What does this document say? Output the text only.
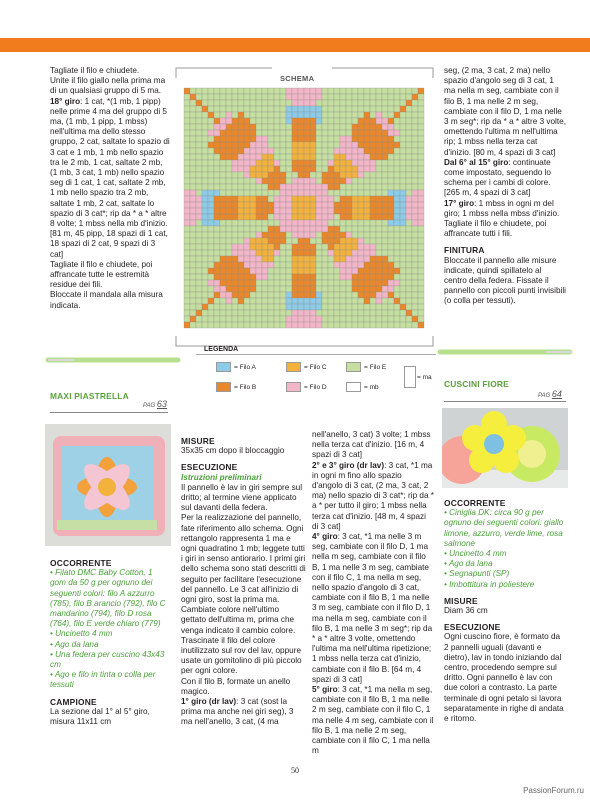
Tagliate il filo e chiudete.

Unite il filo giallo nella prima ma di un qualsiasi gruppo di 5 ma.

18° giro: 1 cat, *(1 mb, 1 pipp) nelle prime 4 ma del gruppo di 5 ma, (1 mb, 1 pipp, 1 mbss) nell'ultima ma dello stesso gruppo, 2 cat, saltate lo spazio di 3 cat e 1 mb, 1 mb nello spazio tra le 2 mb, 1 cat, saltate 2 mb, (1 mb, 3 cat, 1 mb) nello spazio seg di 1 cat, 1 cat, saltate 2 mb, 1 mb nello spazio tra 2 mb, saltate 1 mb, 2 cat, saltate lo spazio di 3 cat*; rip da * a * altre 8 volte; 1 mbss nella mb d'inizio. [81 m, 45 pipp, 18 spazi di 1 cat, 18 spazi di 2 cat, 9 spazi di 3 cat]

Tagliate il filo e chiudete, poi affrancate tutte le estremità residue dei fili.

Bloccate il mandala alla misura indicata.

SCHEMA
LEGENDA
= Filo A	= Filo C	= Filo E
= Filo B	= Filo D	= mb
= ma
MAXI PIASTRELLA
PAG 63

OCCORRENTE

• Filato DMC Baby Cotton, 1 gom da 50 g per ognuno dei seguenti colori: filo A azzurro (785), filo B arancio (792), filo C mandarino (794), filo D rosa (764), filo E verde chiaro (779)

• Uncinetto 4 mm

• Ago da lana

• Una federa per cuscino 43x43 cm

• Ago e filo in tinta o colla per tessuti

CAMPIONE

La sezione dal 1° al 5° giro, misura 11x11 cm

MISURE

35x35 cm dopo il bloccaggio

ESECUZIONE

Istruzioni preliminari

Il pannello è lav in giri sempre sul dritto; al termine viene applicato sul davanti della federa.

Per la realizzazione del pannello, fate riferimento allo schema. Ogni rettangolo rappresenta 1 ma e ogni quadratino 1 mb; leggete tutti i giri in senso antiorario. I primi giri dello schema sono stati descritti di seguito per facilitare l'esecuzione del pannello. Le 3 cat all'inizio di ogni giro, sost la prima ma. Cambiate colore nell'ultimo gettato dell'ultima m, prima che venga indicato il cambio colore. Trascinate il filo del colore inutilizzato sul rov del lav, oppure usate un gomitolino di più piccolo per ogni colore.

Con il filo B, formate un anello magico.

1° giro (dr lav): 3 cat (sost la prima ma anche nei giri seg), 3 ma nell'anello, 3 cat, (4 ma

nell'anello, 3 cat) 3 volte; 1 mbss nella terza cat d'inizio. [16 m, 4 spazi di 3 cat]

2° e 3° giro (dr lav): 3 cat, *1 ma in ogni m fino allo spazio d'angolo di 3 cat, (2 ma, 3 cat, 2 ma) nello spazio di 3 cat*; rip da * a * per tutto il giro; 1 mbss nella terza cat d'inizio. [48 m, 4 spazi di 3 cat]

4° giro: 3 cat, *1 ma nelle 3 m seg, cambiate con il filo D, 1 ma nella m seg, cambiate con il filo B, 1 ma nelle 3 m seg, cambiate con il filo C, 1 ma nella m seg, nello spazio d'angolo di 3 cat, cambiate con il filo B, 1 ma nelle 3 m seg, cambiate con il filo D, 1 ma nella m seg, cambiate con il filo B, 1 ma nelle 3 m seg*; rip da * a * altre 3 volte, omettendo l'ultima ma nell'ultima ripetizione; 1 mbss nella terza cat d'inizio, cambiate con il filo B. [64 m, 4 spazi di 3 cat]

5° giro: 3 cat, *1 ma nella m seg, cambiate con il filo B, 1 ma nelle 2 m seg, cambiate con il filo C, 1 ma nelle 4 m seg, cambiate con il filo B, 1 ma nelle 2 m seg, cambiate con il filo C, 1 ma nella m

seg, (2 ma, 3 cat, 2 ma) nello spazio d'angolo seg di 3 cat, 1 ma nella m seg, cambiate con il filo B, 1 ma nelle 2 m seg, cambiate con il filo D, 1 ma nelle 3 m seg*; rip da * a * altre 3 volte, omettendo l'ultima m nell'ultima rip; 1 mbss nella terza cat d'inizio. [80 m, 4 spazi di 3 cat]

Dal 6° al 15° giro: continuate come impostato, seguendo lo schema per i cambi di colore. [265 m, 4 spazi di 3 cat]

17° giro: 1 mbss in ogni m del giro; 1 mbss nella mbss d'inizio.

Tagliate il filo e chiudete, poi affrancate tutti i fili.

FINITURA

Bloccate il pannello alle misure indicate, quindi spillatelo al centro della federa. Fissate il pannello con piccoli punti invisibili (o colla per tessuti).

CUSCINI FIORE
PAG 64

OCCORRENTE

• Ciniglia DK: circa 90 g per ognuno dei seguenti colori: giallo limone, azzurro, verde lime, rosa salmone

• Uncinetto 4 mm

• Ago da lana

• Segnapunti (SP)

• Imbottitura in poliestere

MISURE

Diam 36 cm

ESECUZIONE

Ogni cuscino fiore, è formato da 2 pannelli uguali (davanti e dietro), lav in tondo iniziando dal centro, procedendo sempre sul dritto. Ogni pannello è lav con due colori a contrasto. La parte terminale di ogni petalo si lavora separatamente in righe di andata e ritorno.

50
PassionForum.ru
